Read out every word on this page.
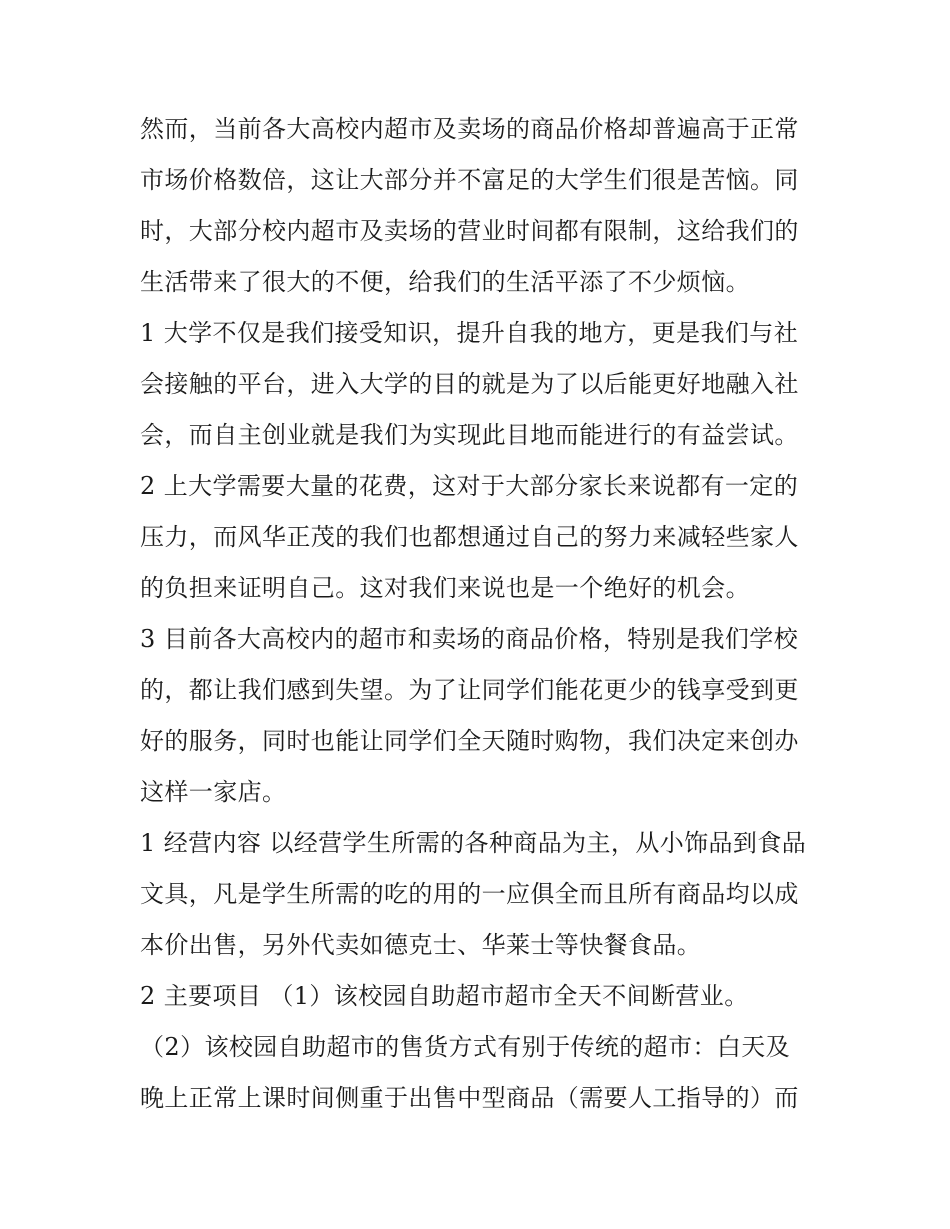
然而，当前各大高校内超市及卖场的商品价格却普遍高于正常
市场价格数倍，这让大部分并不富足的大学生们很是苦恼。同
时，大部分校内超市及卖场的营业时间都有限制，这给我们的
生活带来了很大的不便，给我们的生活平添了不少烦恼。
1 大学不仅是我们接受知识，提升自我的地方，更是我们与社
会接触的平台，进入大学的目的就是为了以后能更好地融入社
会，而自主创业就是我们为实现此目地而能进行的有益尝试。
2 上大学需要大量的花费，这对于大部分家长来说都有一定的
压力，而风华正茂的我们也都想通过自己的努力来减轻些家人
的负担来证明自己。这对我们来说也是一个绝好的机会。
3 目前各大高校内的超市和卖场的商品价格，特别是我们学校
的，都让我们感到失望。为了让同学们能花更少的钱享受到更
好的服务，同时也能让同学们全天随时购物，我们决定来创办
这样一家店。
1 经营内容 以经营学生所需的各种商品为主，从小饰品到食品
文具，凡是学生所需的吃的用的一应俱全而且所有商品均以成
本价出售，另外代卖如德克士、华莱士等快餐食品。
2 主要项目 （1）该校园自助超市超市全天不间断营业。
（2）该校园自助超市的售货方式有别于传统的超市：白天及
晚上正常上课时间侧重于出售中型商品（需要人工指导的）而
